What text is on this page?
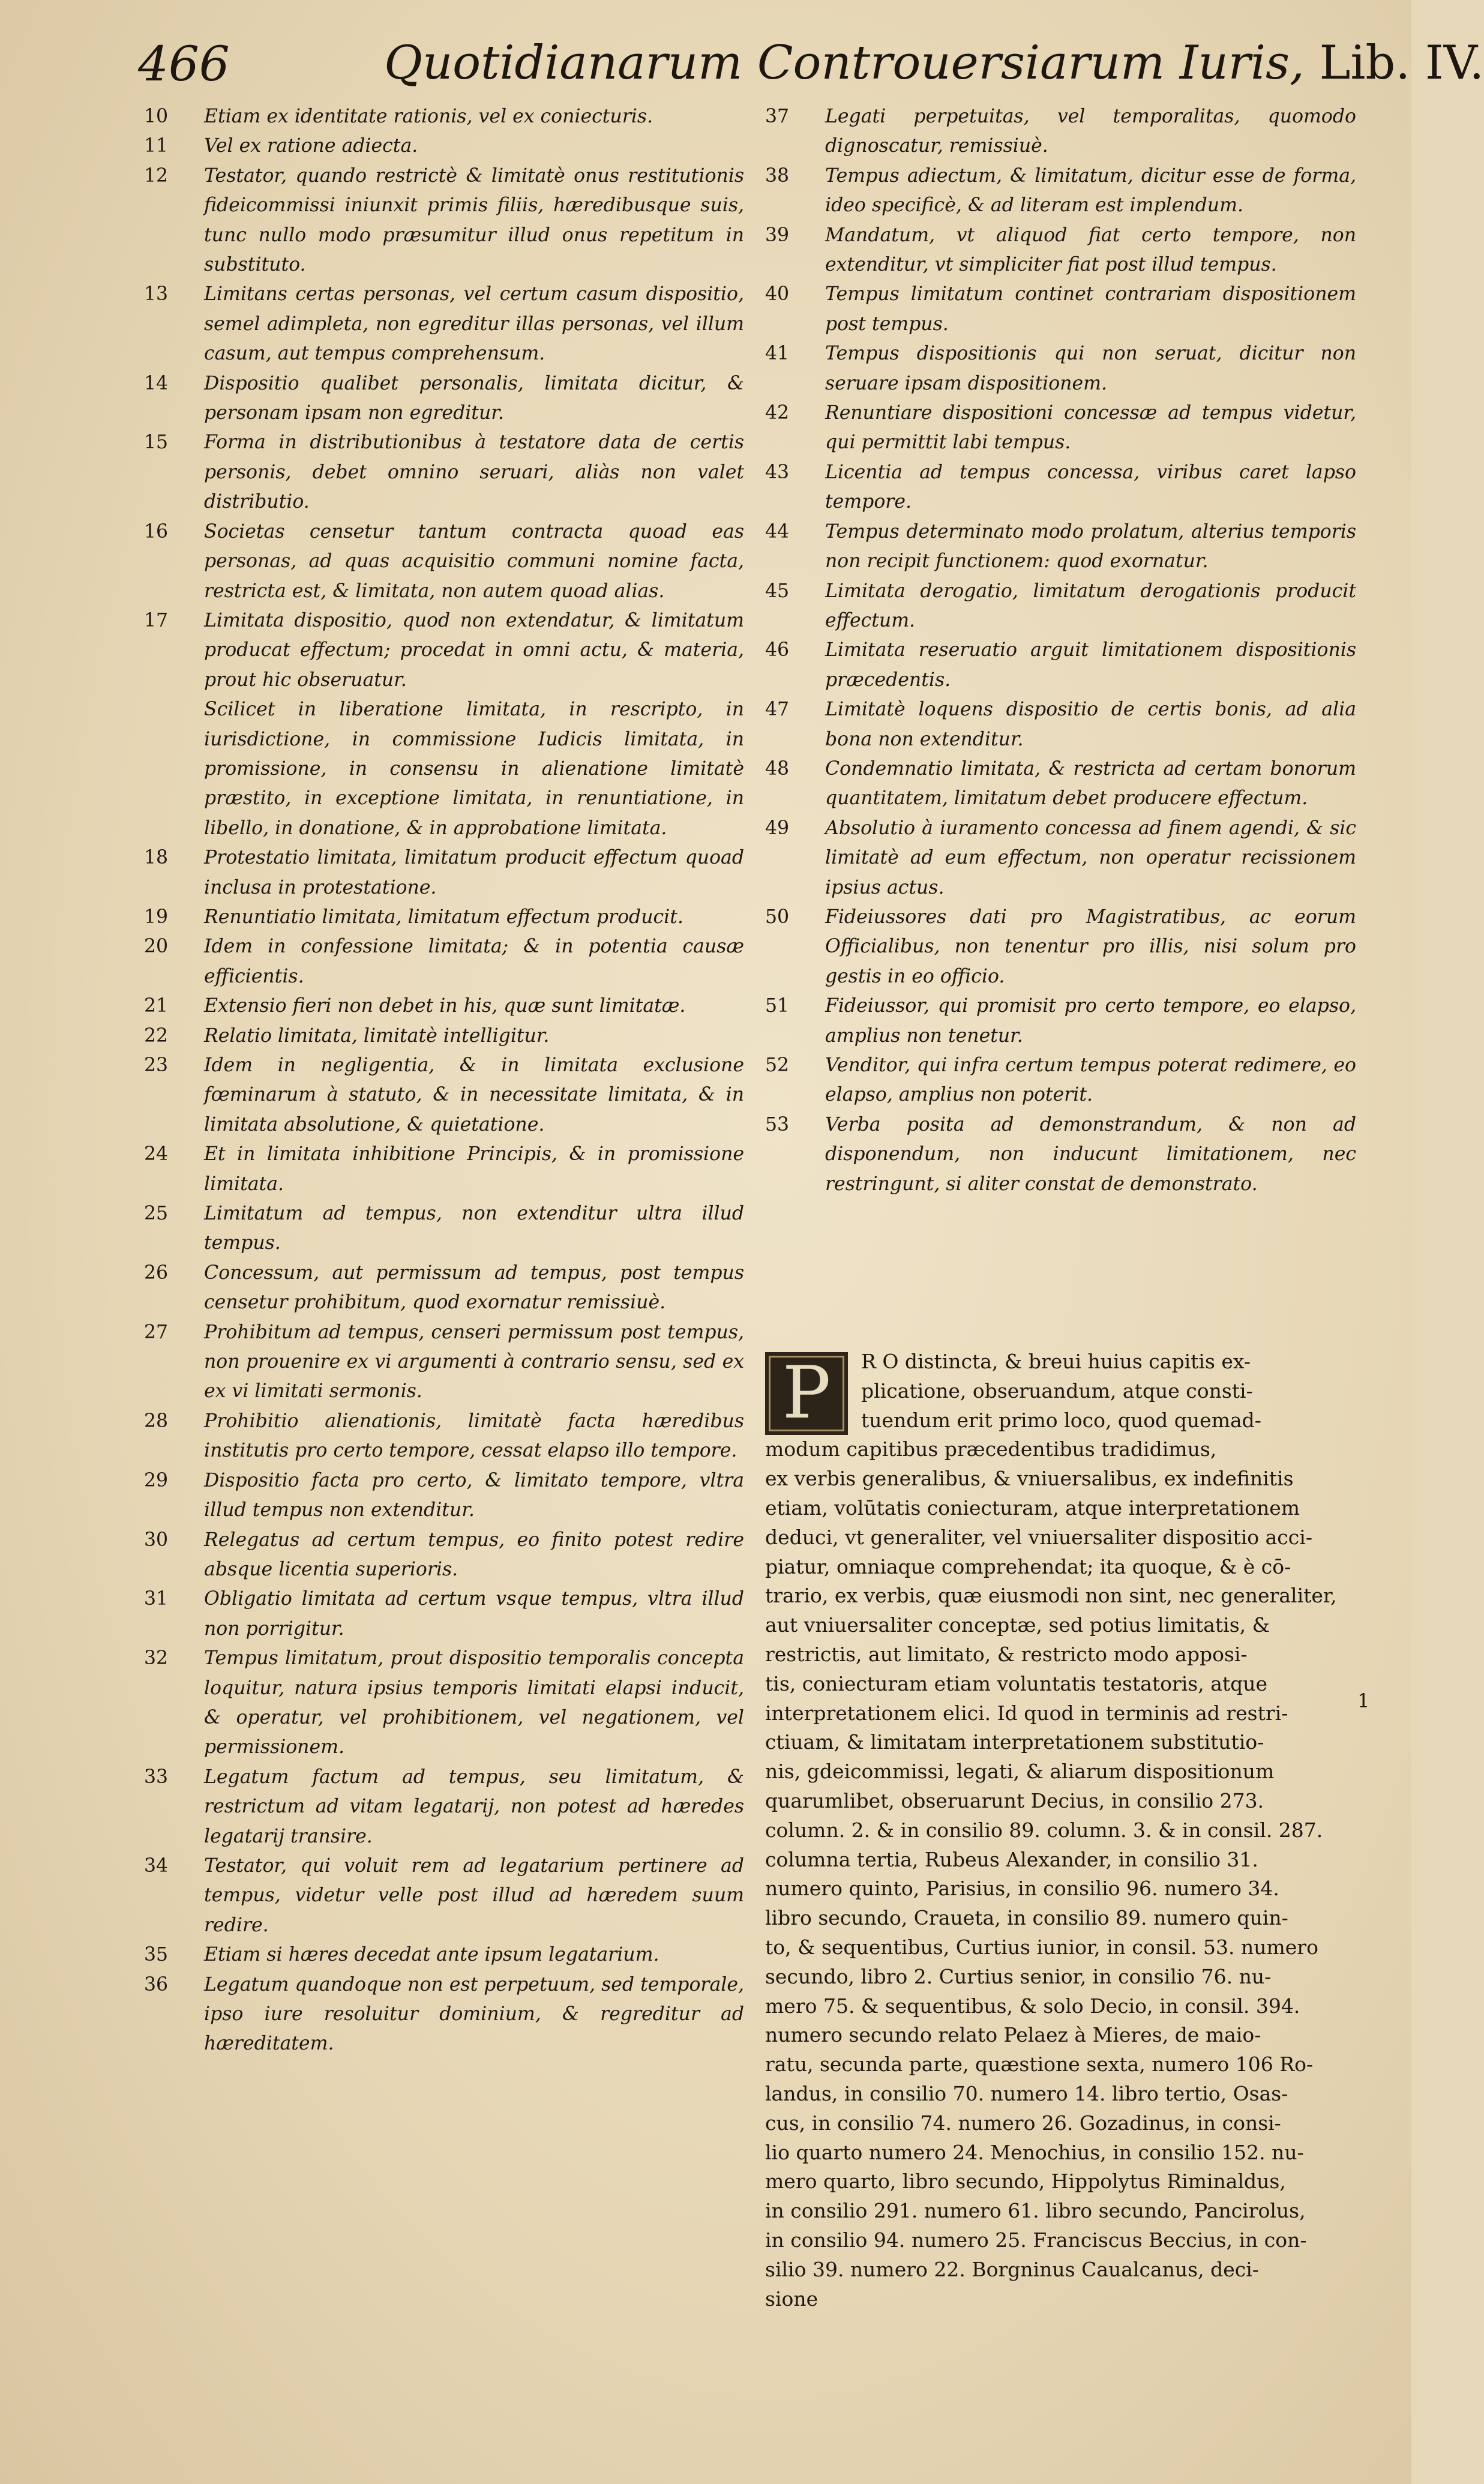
466	Quotidianarum Controuersiarum Iuris, Lib. IV.
10	Etiam ex identitate rationis, vel ex coniecturis.
11	Vel ex ratione adiecta.
12	Testator, quando restrictè & limitatè onus restitutionis fideicommissi iniunxit primis filiis, hæredibusque suis, tunc nullo modo præsumitur illud onus repetitum in substituto.
13	Limitans certas personas, vel certum casum dispositio, semel adimpleta, non egreditur illas personas, vel illum casum, aut tempus comprehensum.
14	Dispositio qualibet personalis, limitata dicitur, & personam ipsam non egreditur.
15	Forma in distributionibus à testatore data de certis personis, debet omnino seruari, aliàs non valet distributio.
16	Societas censetur tantum contracta quoad eas personas, ad quas acquisitio communi nomine facta, restricta est, & limitata, non autem quoad alias.
17	Limitata dispositio, quod non extendatur, & limitatum producat effectum; procedat in omni actu, & materia, prout hic obseruatur.
Scilicet in liberatione limitata, in rescripto, in iurisdictione, in commissione Iudicis limitata, in promissione, in consensu in alienatione limitatè præstito, in exceptione limitata, in renuntiatione, in libello, in donatione, & in approbatione limitata.
18	Protestatio limitata, limitatum producit effectum quoad inclusa in protestatione.
19	Renuntiatio limitata, limitatum effectum producit.
20	Idem in confessione limitata; & in potentia causæ efficientis.
21	Extensio fieri non debet in his, quæ sunt limitatæ.
22	Relatio limitata, limitatè intelligitur.
23	Idem in negligentia, & in limitata exclusione fœminarum à statuto, & in necessitate limitata, & in limitata absolutione, & quietatione.
24	Et in limitata inhibitione Principis, & in promissione limitata.
25	Limitatum ad tempus, non extenditur ultra illud tempus.
26	Concessum, aut permissum ad tempus, post tempus censetur prohibitum, quod exornatur remissiuè.
27	Prohibitum ad tempus, censeri permissum post tempus, non prouenire ex vi argumenti à contrario sensu, sed ex ex vi limitati sermonis.
28	Prohibitio alienationis, limitatè facta hæredibus institutis pro certo tempore, cessat elapso illo tempore.
29	Dispositio facta pro certo, & limitato tempore, vltra illud tempus non extenditur.
30	Relegatus ad certum tempus, eo finito potest redire absque licentia superioris.
31	Obligatio limitata ad certum vsque tempus, vltra illud non porrigitur.
32	Tempus limitatum, prout dispositio temporalis concepta loquitur, natura ipsius temporis limitati elapsi inducit, & operatur, vel prohibitionem, vel negationem, vel permissionem.
33	Legatum factum ad tempus, seu limitatum, & restrictum ad vitam legatarij, non potest ad hæredes legatarij transire.
34	Testator, qui voluit rem ad legatarium pertinere ad tempus, videtur velle post illud ad hæredem suum redire.
35	Etiam si hæres decedat ante ipsum legatarium.
36	Legatum quandoque non est perpetuum, sed temporale, ipso iure resoluitur dominium, & regreditur ad hæreditatem.
37	Legati perpetuitas, vel temporalitas, quomodo dignoscatur, remissiuè.
38	Tempus adiectum, & limitatum, dicitur esse de forma, ideo specificè, & ad literam est implendum.
39	Mandatum, vt aliquod fiat certo tempore, non extenditur, vt simpliciter fiat post illud tempus.
40	Tempus limitatum continet contrariam dispositionem post tempus.
41	Tempus dispositionis qui non seruat, dicitur non seruare ipsam dispositionem.
42	Renuntiare dispositioni concessæ ad tempus videtur, qui permittit labi tempus.
43	Licentia ad tempus concessa, viribus caret lapso tempore.
44	Tempus determinato modo prolatum, alterius temporis non recipit functionem: quod exornatur.
45	Limitata derogatio, limitatum derogationis producit effectum.
46	Limitata reseruatio arguit limitationem dispositionis præcedentis.
47	Limitatè loquens dispositio de certis bonis, ad alia bona non extenditur.
48	Condemnatio limitata, & restricta ad certam bonorum quantitatem, limitatum debet producere effectum.
49	Absolutio à iuramento concessa ad finem agendi, & sic limitatè ad eum effectum, non operatur recissionem ipsius actus.
50	Fideiussores dati pro Magistratibus, ac eorum Officialibus, non tenentur pro illis, nisi solum pro gestis in eo officio.
51	Fideiussor, qui promisit pro certo tempore, eo elapso, amplius non tenetur.
52	Venditor, qui infra certum tempus poterat redimere, eo elapso, amplius non poterit.
53	Verba posita ad demonstrandum, & non ad disponendum, non inducunt limitationem, nec restringunt, si aliter constat de demonstrato.
P	R O distincta, & breui huius capitis ex-
plicatione, obseruandum, atque consti-
tuendum erit primo loco, quod quemad-
modum capitibus præcedentibus tradidimus,
ex verbis generalibus, & vniuersalibus, ex indefinitis
etiam, volūtatis coniecturam, atque interpretationem
deduci, vt generaliter, vel vniuersaliter dispositio acci-
piatur, omniaque comprehendat; ita quoque, & è cō-
trario, ex verbis, quæ eiusmodi non sint, nec generaliter,
aut vniuersaliter conceptæ, sed potius limitatis, &
restrictis, aut limitato, & restricto modo apposi-
tis, coniecturam etiam voluntatis testatoris, atque
interpretationem elici. Id quod in terminis ad restri-
ctiuam, & limitatam interpretationem substitutio-
nis, gdeicommissi, legati, & aliarum dispositionum
quarumlibet, obseruarunt Decius, in consilio 273.
column. 2. & in consilio 89. column. 3. & in consil. 287.
columna tertia, Rubeus Alexander, in consilio 31.
numero quinto, Parisius, in consilio 96. numero 34.
libro secundo, Craueta, in consilio 89. numero quin-
to, & sequentibus, Curtius iunior, in consil. 53. numero
secundo, libro 2. Curtius senior, in consilio 76. nu-
mero 75. & sequentibus, & solo Decio, in consil. 394.
numero secundo relato Pelaez à Mieres, de maio-
ratu, secunda parte, quæstione sexta, numero 106 Ro-
landus, in consilio 70. numero 14. libro tertio, Osas-
cus, in consilio 74. numero 26. Gozadinus, in consi-
lio quarto numero 24. Menochius, in consilio 152. nu-
mero quarto, libro secundo, Hippolytus Riminaldus,
in consilio 291. numero 61. libro secundo, Pancirolus,
in consilio 94. numero 25. Franciscus Beccius, in con-
silio 39. numero 22. Borgninus Caualcanus, deci-
sione
1
